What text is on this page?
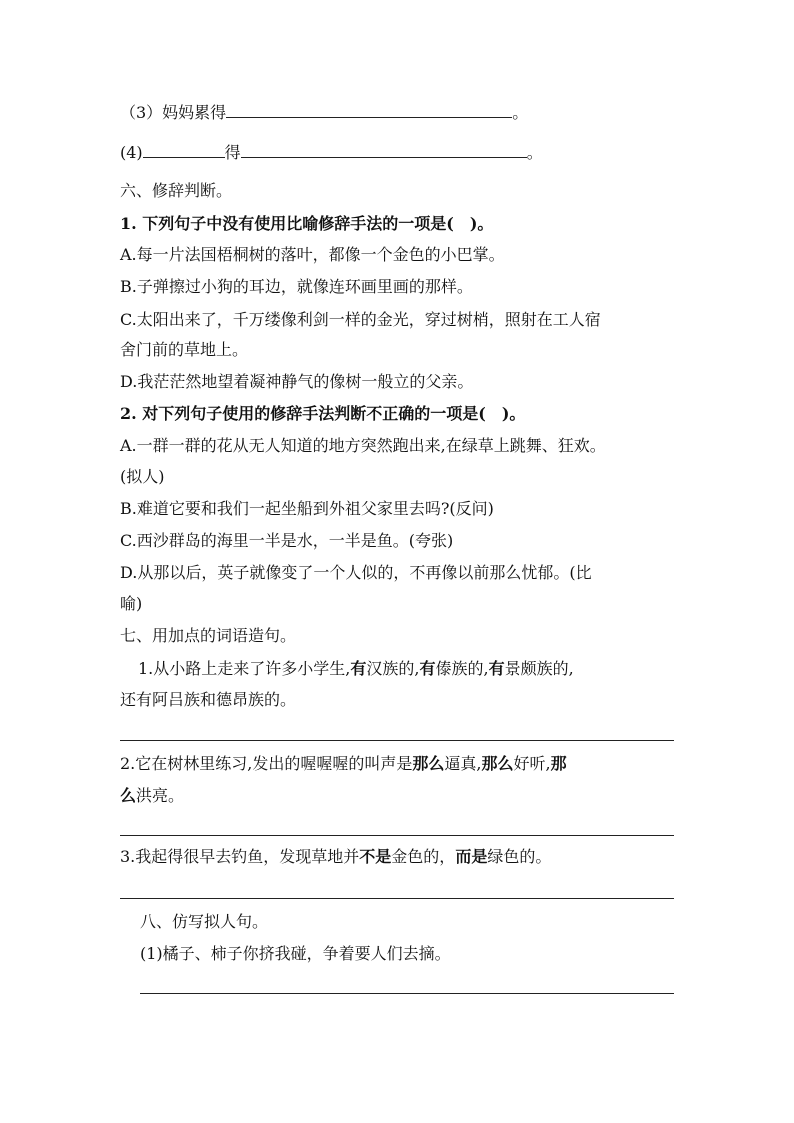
（3）妈妈累得	。
(4)	得	。
六、修辞判断。
1. 下列句子中没有使用比喻修辞手法的一项是(　)。
A.每一片法国梧桐树的落叶，都像一个金色的小巴掌。
B.子弹擦过小狗的耳边，就像连环画里画的那样。
C.太阳出来了，千万缕像利剑一样的金光，穿过树梢，照射在工人宿
舍门前的草地上。
D.我茫茫然地望着凝神静气的像树一般立的父亲。
2. 对下列句子使用的修辞手法判断不正确的一项是(　)。
A.一群一群的花从无人知道的地方突然跑出来,在绿草上跳舞、狂欢。
(拟人)
B.难道它要和我们一起坐船到外祖父家里去吗?(反问)
C.西沙群岛的海里一半是水，一半是鱼。(夸张)
D.从那以后，英子就像变了一个人似的，不再像以前那么忧郁。(比
喻)
七、用加点的词语造句。
1.从小路上走来了许多小学生,有汉族的,有傣族的,有景颇族的,
还有阿吕族和德昂族的。
2.它在树林里练习,发出的喔喔喔的叫声是那么逼真,那么好听,那
么洪亮。
3.我起得很早去钓鱼，发现草地并不是金色的，而是绿色的。
八、仿写拟人句。
(1)橘子、柿子你挤我碰，争着要人们去摘。
